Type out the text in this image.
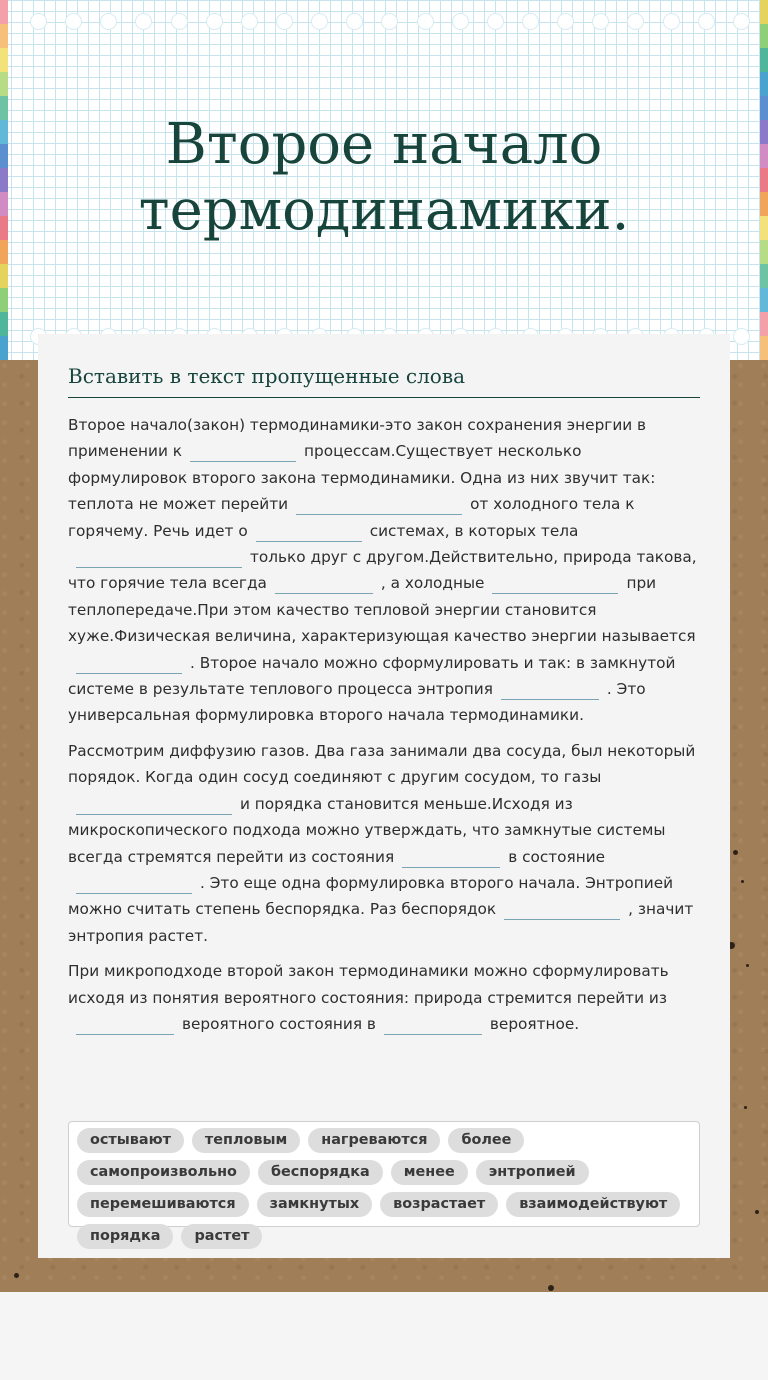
Второе начало термодинамики.
Вставить в текст пропущенные слова

Второе начало(закон) термодинамики-это закон сохранения энергии в применении к	процессам.Существует несколько формулировок второго закона термодинамики. Одна из них звучит так: теплота не может перейти	от холодного тела к горячему. Речь идет о	системах, в которых телатолько друг с другом.Действительно, природа такова, что горячие тела всегда	, а холодные	при теплопередаче.При этом качество тепловой энергии становится хуже.Физическая величина, характеризующая качество энергии называется. Второе начало можно сформулировать и так: в замкнутой системе в результате теплового процесса энтропия	. Это универсальная формулировка второго начала термодинамики.

Рассмотрим диффузию газов. Два газа занимали два сосуда, был некоторый порядок. Когда один сосуд соединяют с другим сосудом, то газыи порядка становится меньше.Исходя из микроскопического подхода можно утверждать, что замкнутые системы всегда стремятся перейти из состояния	в состояние. Это еще одна формулировка второго начала. Энтропией можно считать степень беспорядка. Раз беспорядок	, значит энтропия растет.

При микроподходе второй закон термодинамики можно сформулировать исходя из понятия вероятного состояния: природа стремится перейти извероятного состояния в	вероятное.

остывают	тепловым	нагреваются	более
самопроизвольно	беспорядка	менее	энтропией
перемешиваются	замкнутых	возрастает	взаимодействуют
порядка	растет
